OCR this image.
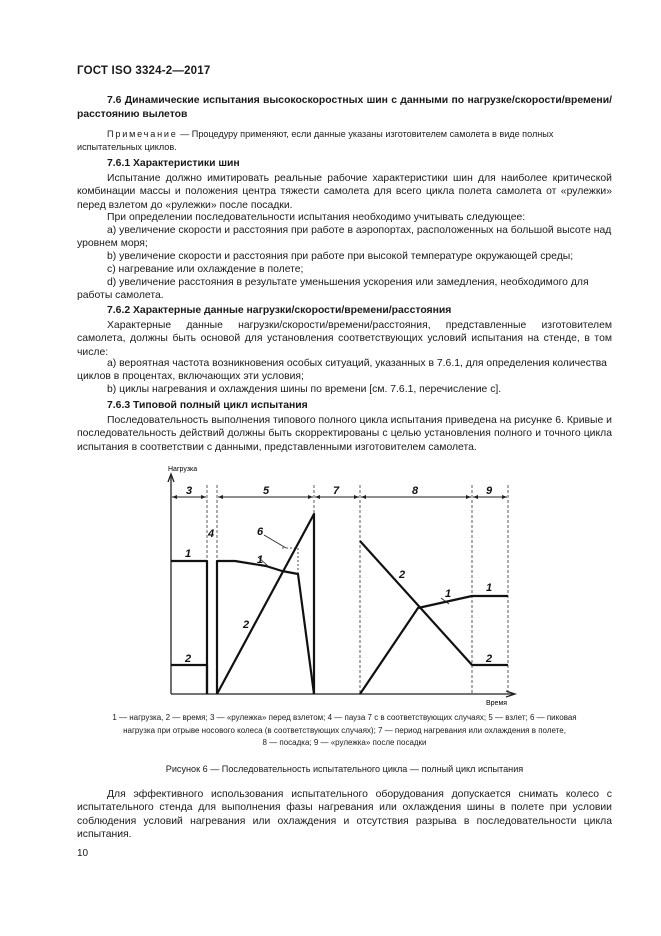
ГОСТ ISO 3324-2—2017
7.6 Динамические испытания высокоскоростных шин с данными по нагрузке/скорости/времени/расстоянию вылетов
Примечание — Процедуру применяют, если данные указаны изготовителем самолета в виде полных испытательных циклов.
7.6.1 Характеристики шин
Испытание должно имитировать реальные рабочие характеристики шин для наиболее критической комбинации массы и положения центра тяжести самолета для всего цикла полета самолета от «рулежки» перед взлетом до «рулежки» после посадки.
При определении последовательности испытания необходимо учитывать следующее:
a) увеличение скорости и расстояния при работе в аэропортах, расположенных на большой высоте над уровнем моря;
b) увеличение скорости и расстояния при работе при высокой температуре окружающей среды;
c) нагревание или охлаждение в полете;
d) увеличение расстояния в результате уменьшения ускорения или замедления, необходимого для работы самолета.
7.6.2 Характерные данные нагрузки/скорости/времени/расстояния
Характерные данные нагрузки/скорости/времени/расстояния, представленные изготовителем самолета, должны быть основой для установления соответствующих условий испытания на стенде, в том числе:
a) вероятная частота возникновения особых ситуаций, указанных в 7.6.1, для определения количества циклов в процентах, включающих эти условия;
b) циклы нагревания и охлаждения шины по времени [см. 7.6.1, перечисление c].
7.6.3 Типовой полный цикл испытания
Последовательность выполнения типового полного цикла испытания приведена на рисунке 6. Кривые и последовательность действий должны быть скорректированы с целью установления полного и точного цикла испытания в соответствии с данными, представленными изготовителем самолета.
Нагрузка
Время
3
4
5	7	8	9
1
2
6
1
2
1
2
1
2
1 — нагрузка, 2 — время; 3 — «рулежка» перед взлетом; 4 — пауза 7 с в соответствующих случаях; 5 — взлет; 6 — пиковая
нагрузка при отрыве носового колеса (в соответствующих случаях); 7 — период нагревания или охлаждения в полете,
8 — посадка; 9 — «рулежка» после посадки
Рисунок 6 — Последовательность испытательного цикла — полный цикл испытания
Для эффективного использования испытательного оборудования допускается снимать колесо с испытательного стенда для выполнения фазы нагревания или охлаждения шины в полете при условии соблюдения условий нагревания или охлаждения и отсутствия разрыва в последовательности цикла испытания.
10
